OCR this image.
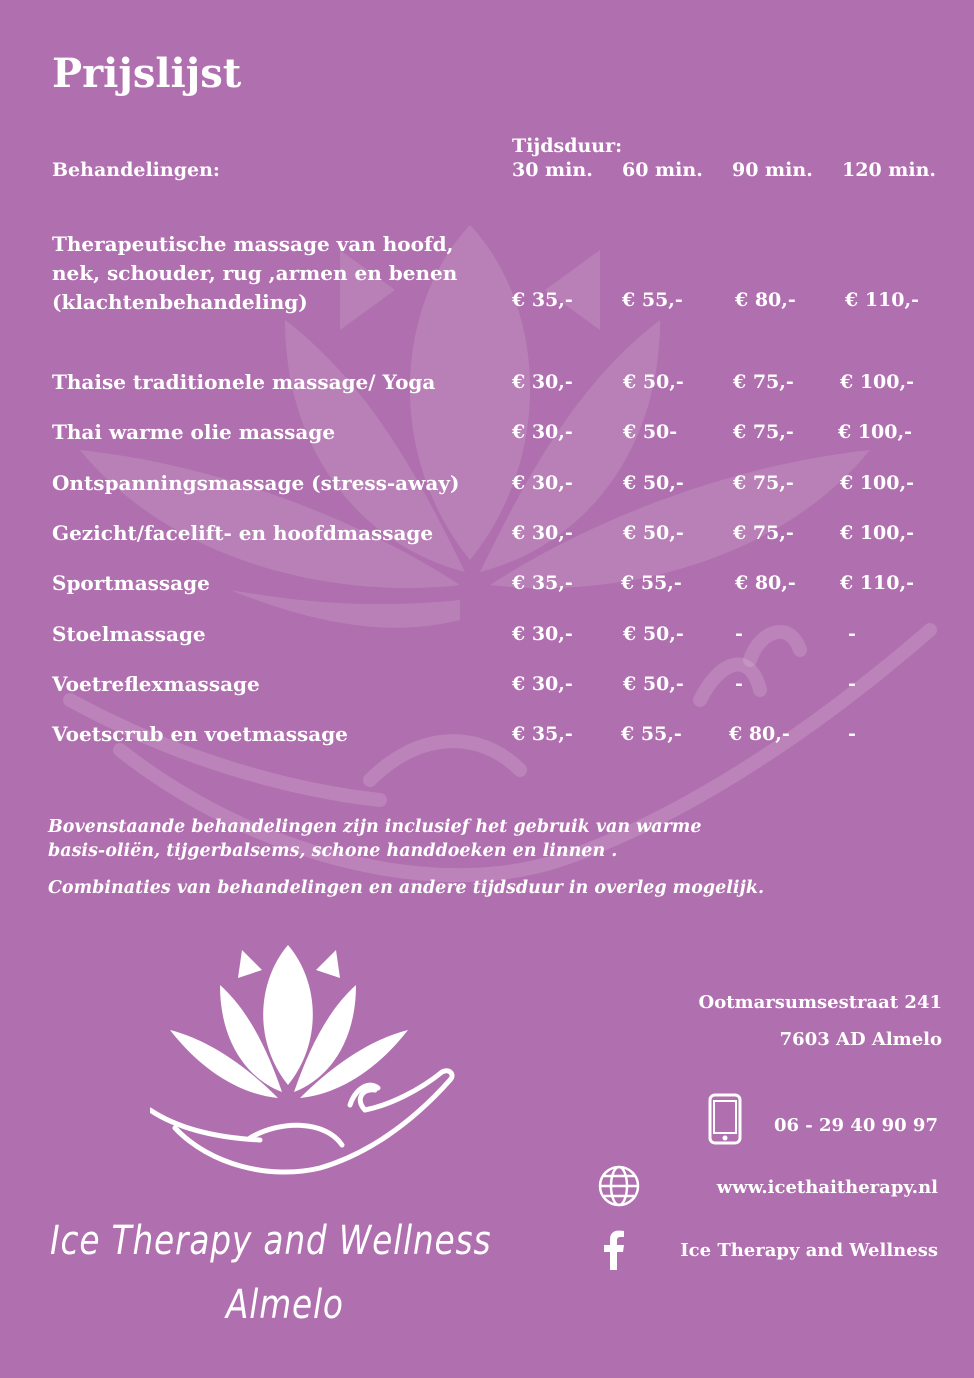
Prijslijst
Behandelingen:
Tijdsduur:
30 min. 60 min. 90 min. 120 min.
Therapeutische massage van hoofd,
nek, schouder, rug ,armen en benen
(klachtenbehandeling)	€ 35,-	€ 55,-	€ 80,-	€ 110,-
Thaise traditionele massage/ Yoga	€ 30,-	€ 50,-	€ 75,- € 100,-
Thai warme olie massage	€ 30,-	€ 50-	€ 75,- € 100,-
Ontspanningsmassage (stress-away)	€ 30,-	€ 50,-	€ 75,- € 100,-
Gezicht/facelift- en hoofdmassage	€ 30,-	€ 50,-	€ 75,- € 100,-
Sportmassage	€ 35,-	€ 55,-	€ 80,- € 110,-
Stoelmassage	€ 30,-	€ 50,-	-	-
Voetreflexmassage	€ 30,-	€ 50,-	-	-
Voetscrub en voetmassage	€ 35,-	€ 55,- € 80,-	-
Bovenstaande behandelingen zijn inclusief het gebruik van warme
basis-oliën, tijgerbalsems, schone handdoeken en linnen .
Combinaties van behandelingen en andere tijdsduur in overleg mogelijk.
Ice Therapy and Wellness
Almelo
Ootmarsumsestraat 241
7603 AD Almelo
06 - 29 40 90 97
www.icethaitherapy.nl
Ice Therapy and Wellness
